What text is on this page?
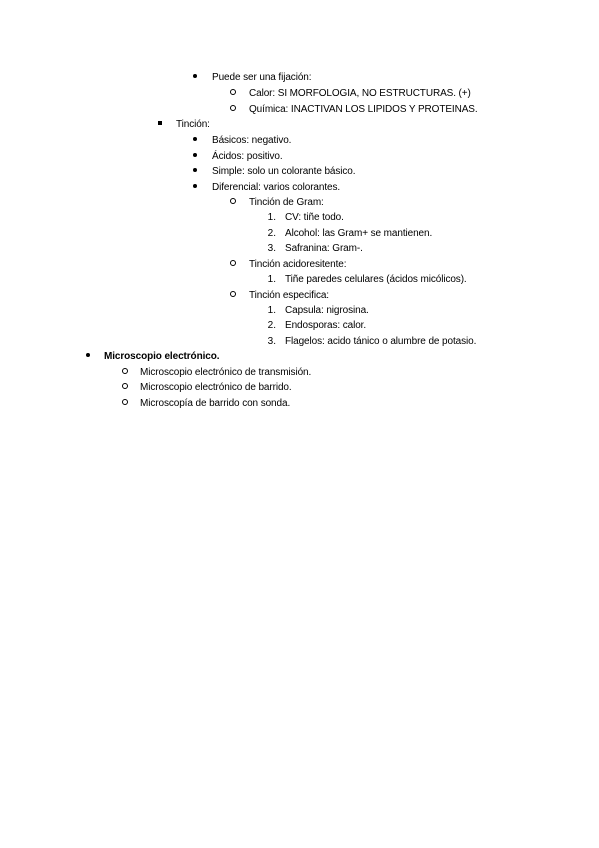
Puede ser una fijación:
Calor: SI MORFOLOGIA, NO ESTRUCTURAS. (+)
Química: INACTIVAN LOS LIPIDOS Y PROTEINAS.
Tinción:
Básicos: negativo.
Ácidos: positivo.
Simple: solo un colorante básico.
Diferencial: varios colorantes.
Tinción de Gram:
1. CV: tiñe todo.
2. Alcohol: las Gram+ se mantienen.
3. Safranina: Gram-.
Tinción acidoresitente:
1. Tiñe paredes celulares (ácidos micólicos).
Tinción especifica:
1. Capsula: nigrosina.
2. Endosporas: calor.
3. Flagelos: acido tánico o alumbre de potasio.
Microscopio electrónico.
Microscopio electrónico de transmisión.
Microscopio electrónico de barrido.
Microscopía de barrido con sonda.
